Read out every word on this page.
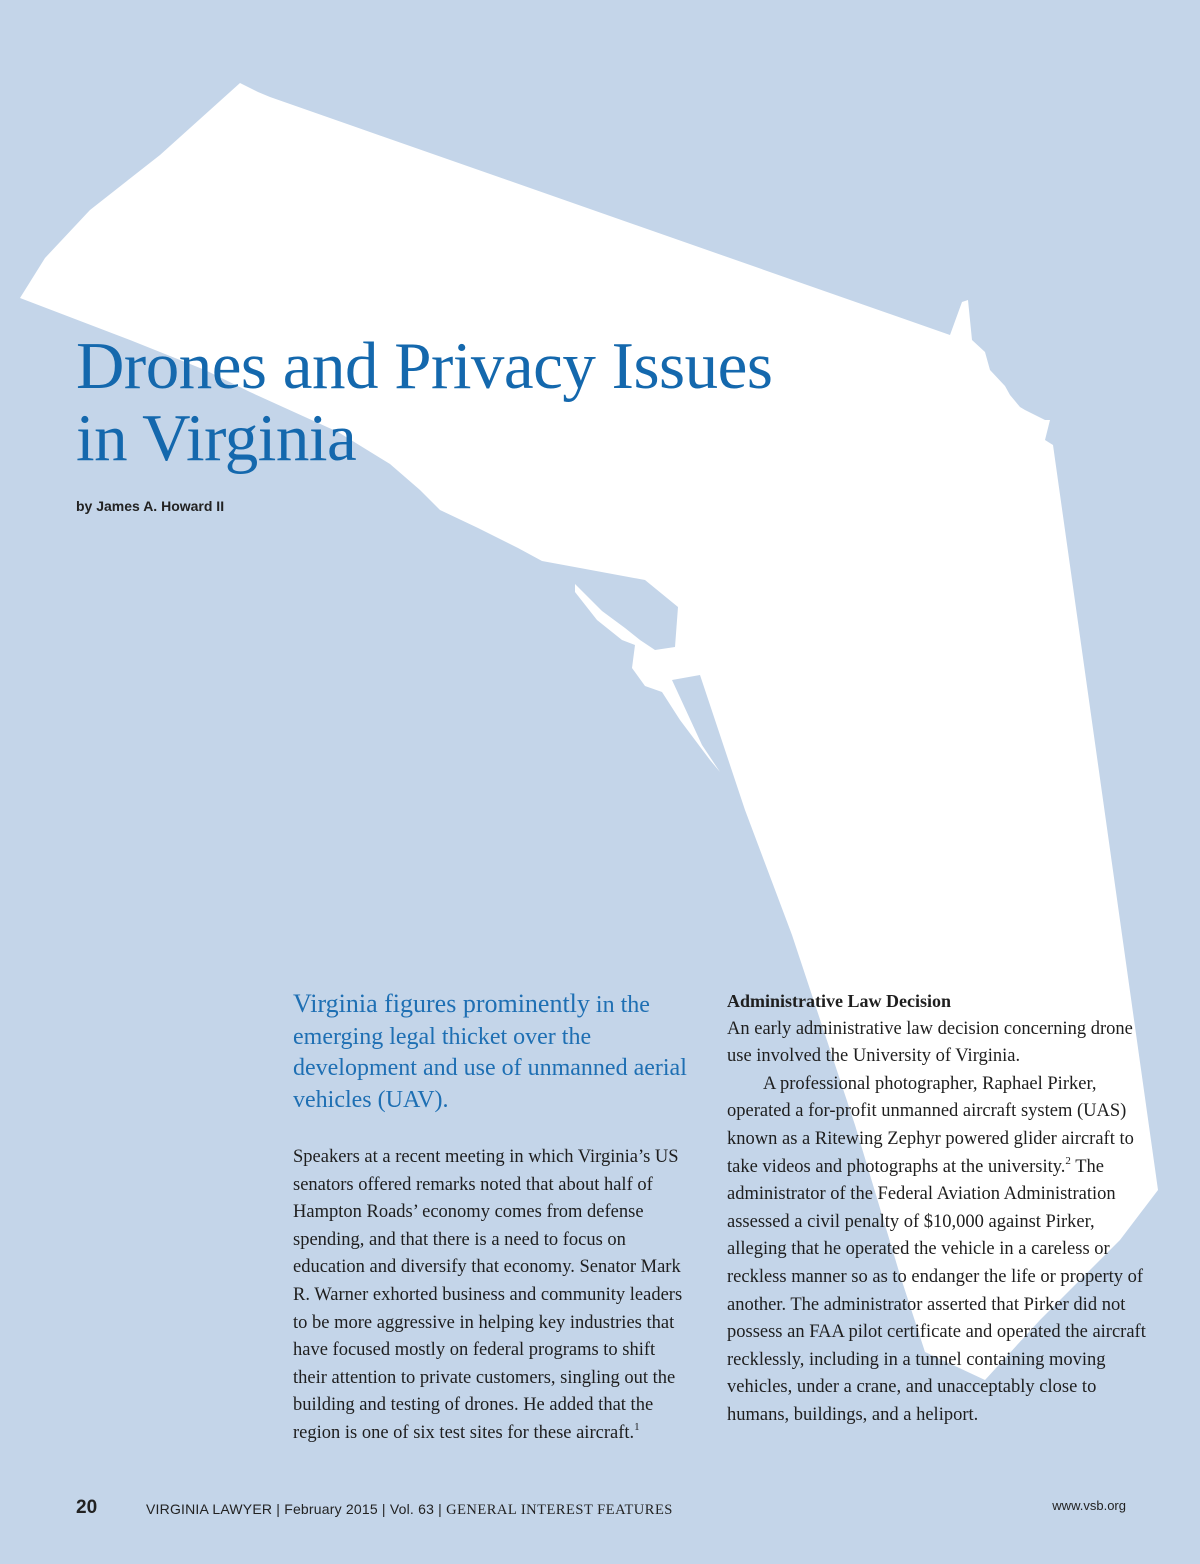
Drones and Privacy Issues
in Virginia
by James A. Howard II

Virginia figures prominently in the emerging legal thicket over the development and use of unmanned aerial vehicles (UAV).

Speakers at a recent meeting in which Virginia’s US senators offered remarks noted that about half of Hampton Roads’ economy comes from defense spending, and that there is a need to focus on education and diversify that economy. Senator Mark R. Warner exhorted business and community leaders to be more aggressive in helping key industries that have focused mostly on federal programs to shift their attention to private customers, singling out the building and testing of drones. He added that the region is one of six test sites for these aircraft.$^1$

Administrative Law Decision

An early administrative law decision concerning drone use involved the University of Virginia.

A professional photographer, Raphael Pirker, operated a for-profit unmanned aircraft system (UAS) known as a Ritewing Zephyr powered glider aircraft to take videos and photographs at the university.$^2$ The administrator of the Federal Aviation Administration assessed a civil penalty of $10,000 against Pirker, alleging that he operated the vehicle in a careless or reckless manner so as to endanger the life or property of another. The administrator asserted that Pirker did not possess an FAA pilot certificate and operated the aircraft recklessly, including in a tunnel containing moving vehicles, under a crane, and unacceptably close to humans, buildings, and a heliport.

20	VIRGINIA LAWYER | February 2015 | Vol. 63 | GENERAL INTEREST FEATURES	www.vsb.org
